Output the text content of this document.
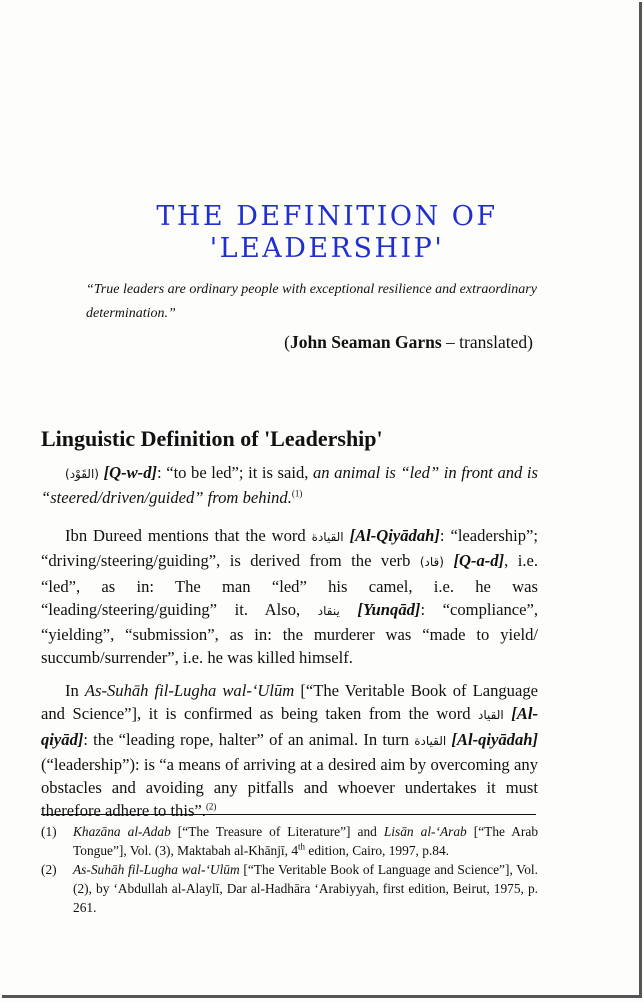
THE DEFINITION OF
'LEADERSHIP'
“True leaders are ordinary people with exceptional resilience and extraordinary determination.”
(John Seaman Garns – translated)
Linguistic Definition of 'Leadership'
(القَوْد) [Q-w-d]: “to be led”; it is said, an animal is “led” in front and is “steered/driven/guided” from behind.$^{(1)}$
Ibn Dureed mentions that the word القيادة [Al-Qiyādah]: “leadership”; “driving/steering/guiding”, is derived from the verb (قاد) [Q-a-d], i.e. “led”, as in: The man “led” his camel, i.e. he was “leading/steering/guiding” it. Also, ينقاد [Yunqād]: “compliance”, “yielding”, “submission”, as in: the murderer was “made to yield/ succumb/surrender”, i.e. he was killed himself.
In As-Suhāh fil-Lugha wal-‘Ulūm [“The Veritable Book of Language and Science”], it is confirmed as being taken from the word القياد [Al-qiyād]: the “leading rope, halter” of an animal. In turn القيادة [Al-qiyādah] (“leadership”): is “a means of arriving at a desired aim by overcoming any obstacles and avoiding any pitfalls and whoever undertakes it must therefore adhere to this”.$^{(2)}$
(1)	Khazāna al-Adab [“The Treasure of Literature”] and Lisān al-‘Arab [“The Arab Tongue”], Vol. (3), Maktabah al-Khānjī, 4th edition, Cairo, 1997, p.84.
(2)	As-Suhāh fil-Lugha wal-‘Ulūm [“The Veritable Book of Language and Science”], Vol. (2), by ‘Abdullah al-Alaylī, Dar al-Hadhāra ‘Arabiyyah, first edition, Beirut, 1975, p. 261.
